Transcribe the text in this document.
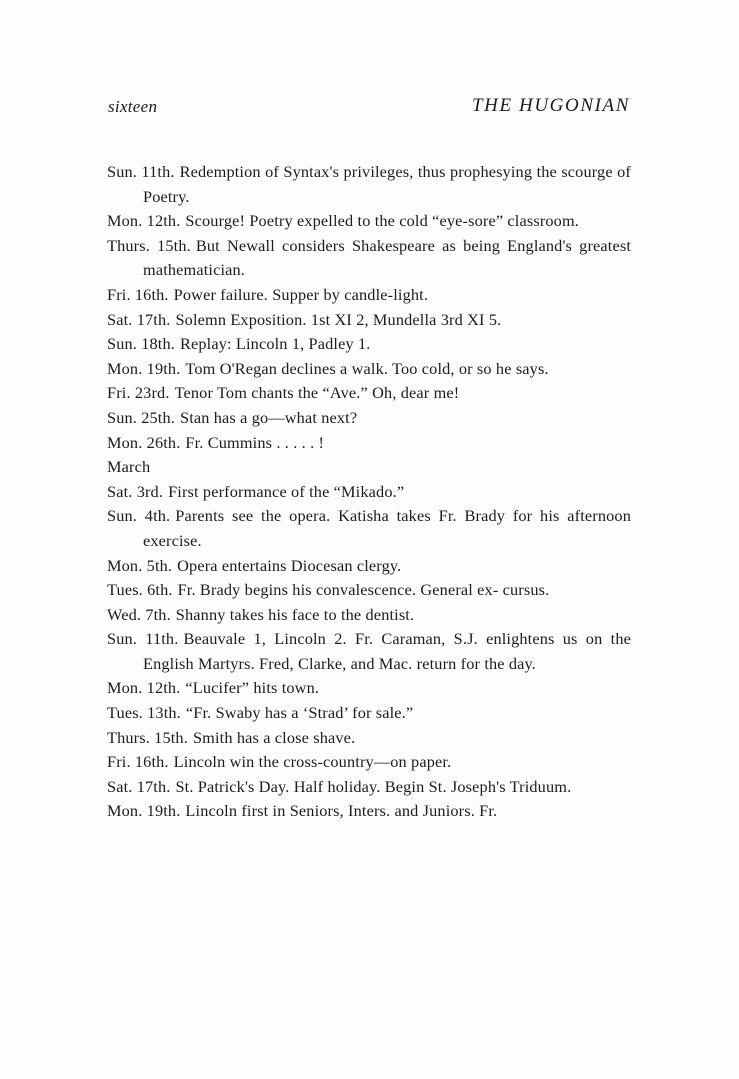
sixteen	THE HUGONIAN

Sun. 11th. Redemption of Syntax's privileges, thus prophesying the scourge of Poetry.

Mon. 12th. Scourge! Poetry expelled to the cold “eye-sore” classroom.

Thurs. 15th. But Newall considers Shakespeare as being England's greatest mathematician.

Fri. 16th. Power failure. Supper by candle-light.

Sat. 17th. Solemn Exposition. 1st XI 2, Mundella 3rd XI 5.

Sun. 18th. Replay: Lincoln 1, Padley 1.

Mon. 19th. Tom O'Regan declines a walk. Too cold, or so he says.

Fri. 23rd. Tenor Tom chants the “Ave.” Oh, dear me!

Sun. 25th. Stan has a go—what next?

Mon. 26th. Fr. Cummins . . . . . !

March

Sat. 3rd. First performance of the “Mikado.”

Sun. 4th. Parents see the opera. Katisha takes Fr. Brady for his afternoon exercise.

Mon. 5th. Opera entertains Diocesan clergy.

Tues. 6th. Fr. Brady begins his convalescence. General ex- cursus.

Wed. 7th. Shanny takes his face to the dentist.

Sun. 11th. Beauvale 1, Lincoln 2. Fr. Caraman, S.J. enlightens us on the English Martyrs. Fred, Clarke, and Mac. return for the day.

Mon. 12th. “Lucifer” hits town.

Tues. 13th. “Fr. Swaby has a ‘Strad’ for sale.”

Thurs. 15th. Smith has a close shave.

Fri. 16th. Lincoln win the cross-country—on paper.

Sat. 17th. St. Patrick's Day. Half holiday. Begin St. Joseph's Triduum.

Mon. 19th. Lincoln first in Seniors, Inters. and Juniors. Fr.
